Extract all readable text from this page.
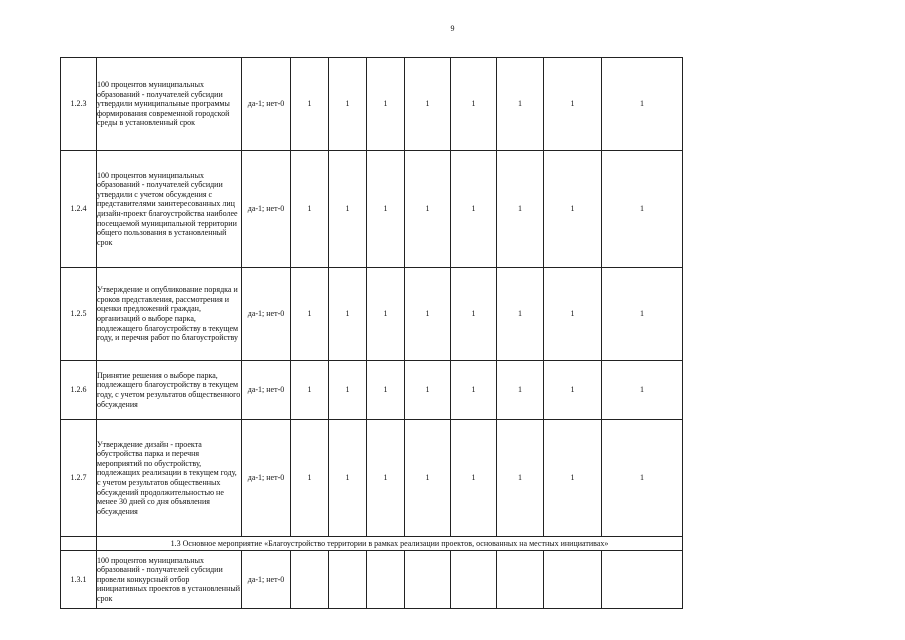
9
1.2.3	100 процентов муниципальных образований - получателей субсидии утвердили муниципальные программы формирования современной городской среды в установленный срок	да-1; нет-0	1	1	1	1	1	1	1	1
1.2.4	100 процентов муниципальных образований - получателей субсидии утвердили с учетом обсуждения с представителями заинтересованных лиц дизайн-проект благоустройства наиболее посещаемой муниципальной территории общего пользования в установленный срок	да-1; нет-0	1	1	1	1	1	1	1	1
1.2.5	Утверждение и опубликование порядка и сроков представления, рассмотрения и оценки предложений граждан, организаций о выборе парка, подлежащего благоустройству в текущем году, и перечня работ по благоустройству	да-1; нет-0	1	1	1	1	1	1	1	1
1.2.6	Принятие решения о выборе парка, подлежащего благоустройству в текущем году, с учетом результатов общественного обсуждения	да-1; нет-0	1	1	1	1	1	1	1	1
1.2.7	Утверждение дизайн - проекта обустройства парка и перечня мероприятий по обустройству, подлежащих реализации в текущем году, с учетом результатов общественных обсуждений продолжительностью не менее 30 дней со дня объявления обсуждения	да-1; нет-0	1	1	1	1	1	1	1	1
	1.3 Основное мероприятие «Благоустройство территории в рамках реализации проектов, основанных на местных инициативах»									
1.3.1	100 процентов муниципальных образований - получателей субсидии провели конкурсный отбор инициативных проектов в установленный срок	да-1; нет-0								
